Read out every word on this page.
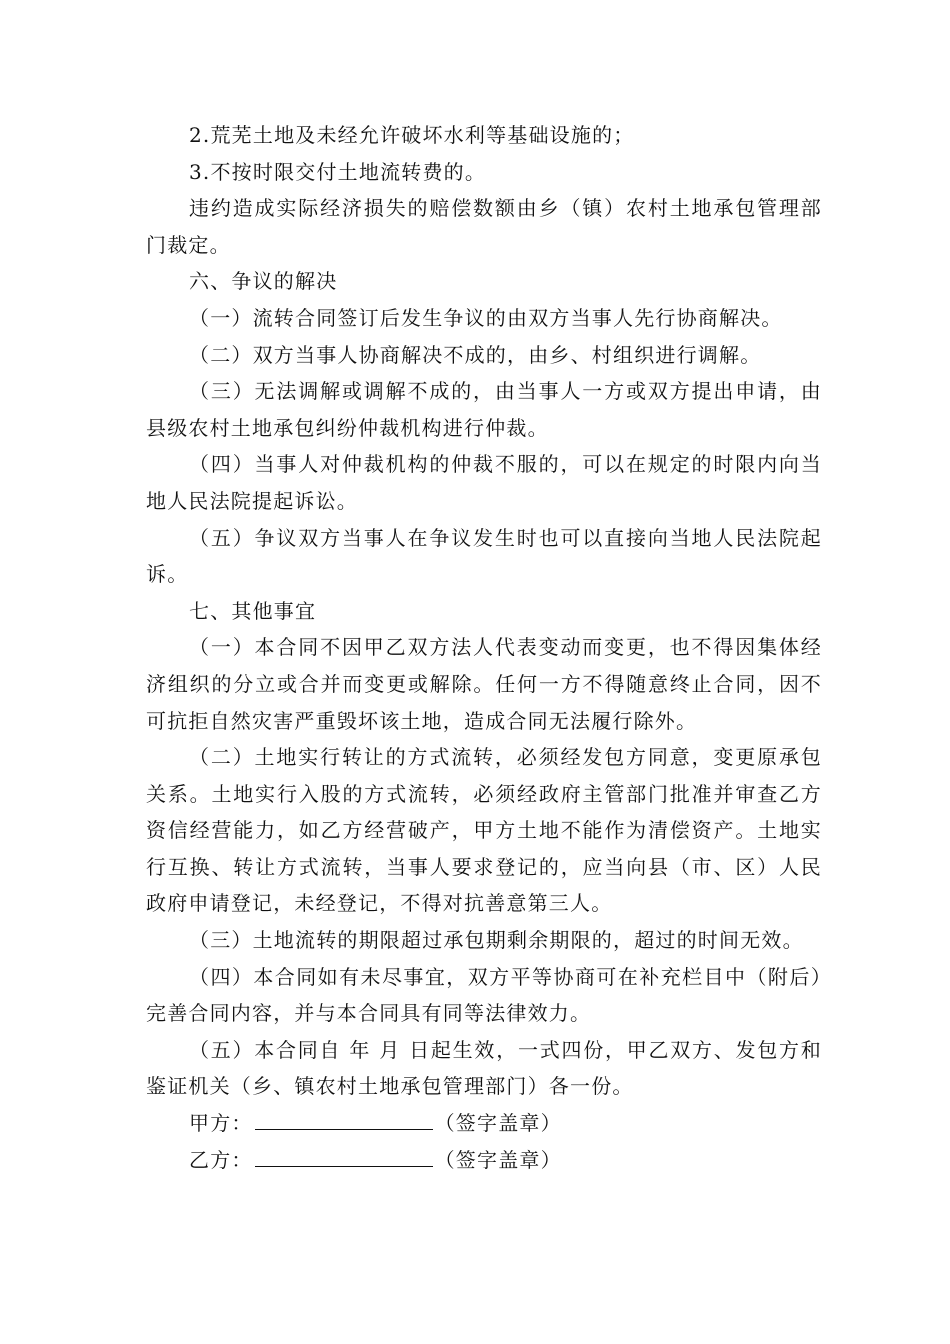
2.荒芜土地及未经允许破坏水利等基础设施的；

3.不按时限交付土地流转费的。

违约造成实际经济损失的赔偿数额由乡（镇）农村土地承包管理部门裁定。

六、争议的解决

（一）流转合同签订后发生争议的由双方当事人先行协商解决。

（二）双方当事人协商解决不成的，由乡、村组织进行调解。

（三）无法调解或调解不成的，由当事人一方或双方提出申请，由县级农村土地承包纠纷仲裁机构进行仲裁。

（四）当事人对仲裁机构的仲裁不服的，可以在规定的时限内向当地人民法院提起诉讼。

（五）争议双方当事人在争议发生时也可以直接向当地人民法院起诉。

七、其他事宜

（一）本合同不因甲乙双方法人代表变动而变更，也不得因集体经济组织的分立或合并而变更或解除。任何一方不得随意终止合同，因不可抗拒自然灾害严重毁坏该土地，造成合同无法履行除外。

（二）土地实行转让的方式流转，必须经发包方同意，变更原承包关系。土地实行入股的方式流转，必须经政府主管部门批准并审查乙方资信经营能力，如乙方经营破产，甲方土地不能作为清偿资产。土地实行互换、转让方式流转，当事人要求登记的，应当向县（市、区）人民政府申请登记，未经登记，不得对抗善意第三人。

（三）土地流转的期限超过承包期剩余期限的，超过的时间无效。

（四）本合同如有未尽事宜，双方平等协商可在补充栏目中（附后）完善合同内容，并与本合同具有同等法律效力。

（五）本合同自 年 月 日起生效，一式四份，甲乙双方、发包方和鉴证机关（乡、镇农村土地承包管理部门）各一份。

甲方：	（签字盖章）

乙方：	（签字盖章）
